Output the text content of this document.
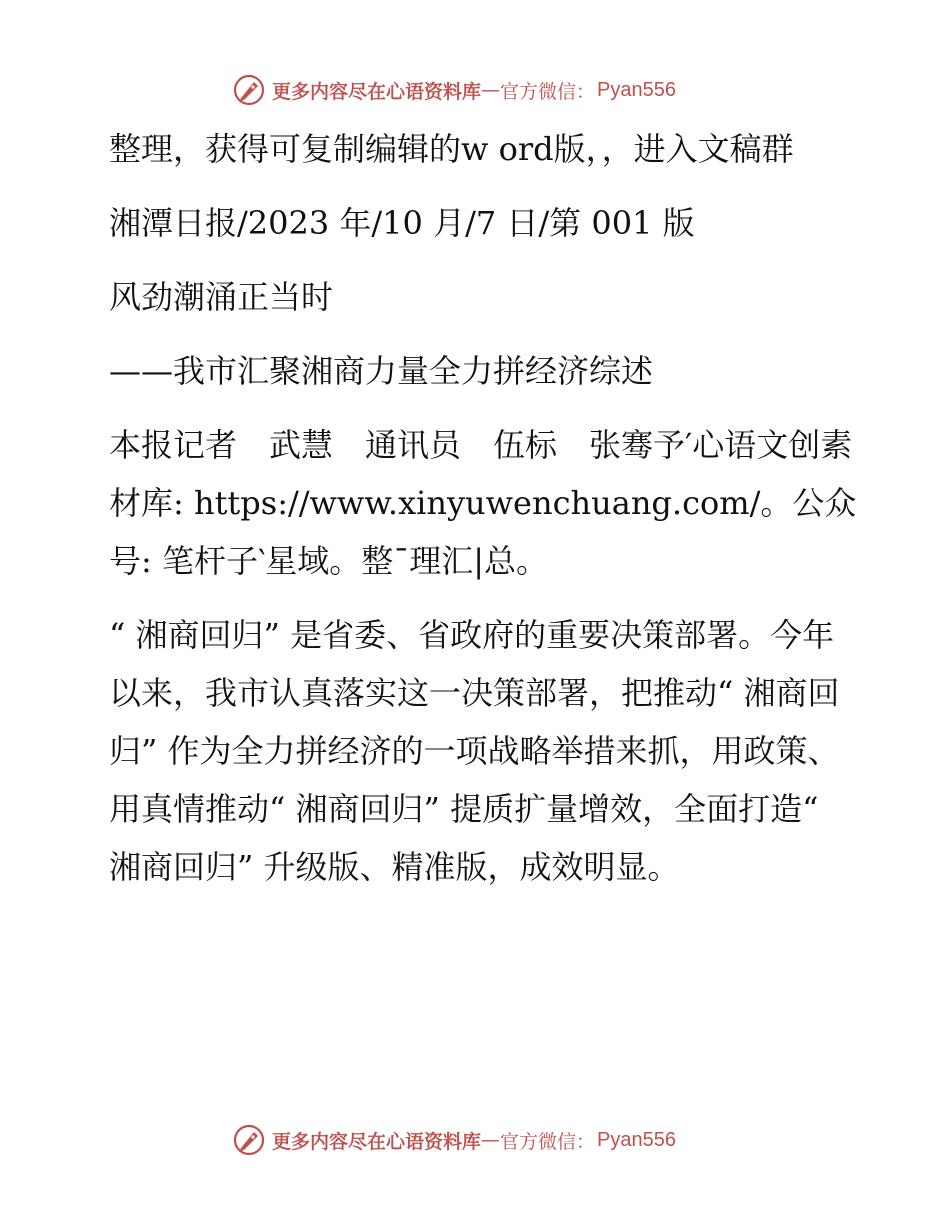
更多内容尽在心语资料库 — 官方微信： Pyan556

整理，获得可复制编辑的w ord版，，进入文稿群

湘潭日报/2023 年/10 月/7 日/第 001 版

风劲潮涌正当时

——我市汇聚湘商力量全力拼经济综述

本报记者　武慧　通讯员　伍标　张骞予′心语文创素材库: https://www.xinyuwenchuang.com/。公众号: 笔杆子‵星域。整¯理汇|总。

“ 湘商回归” 是省委、省政府的重要决策部署。今年以来，我市认真落实这一决策部署，把推动“ 湘商回归” 作为全力拼经济的一项战略举措来抓，用政策、用真情推动“ 湘商回归” 提质扩量增效，全面打造“ 湘商回归” 升级版、精准版，成效明显。

更多内容尽在心语资料库 — 官方微信： Pyan556
